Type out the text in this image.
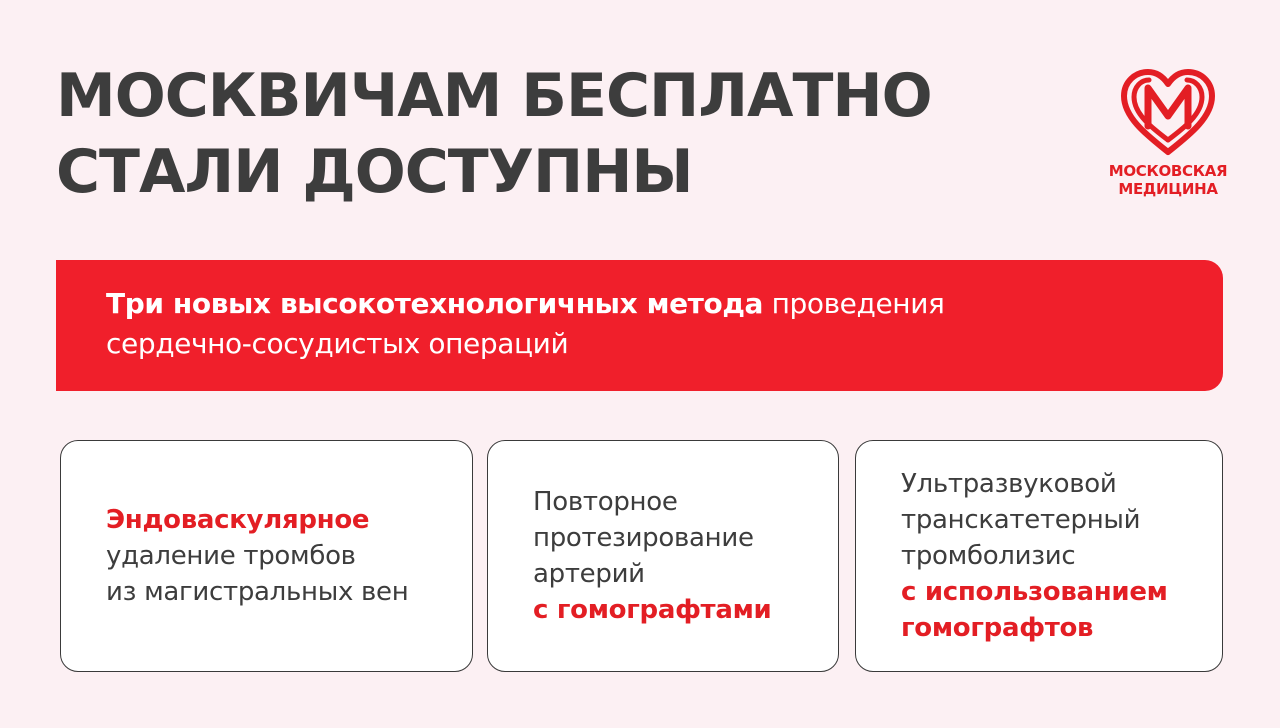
МОСКВИЧАМ БЕСПЛАТНО
СТАЛИ ДОСТУПНЫ	МОСКОВСКАЯ
МЕДИЦИНА
Три новых высокотехнологичных метода проведения
сердечно-сосудистых операций
Эндоваскулярное
удаление тромбов
из магистральных вен
Повторное
протезирование
артерий
с гомографтами
Ультразвуковой
транскатетерный
тромболизис
с использованием
гомографтов
